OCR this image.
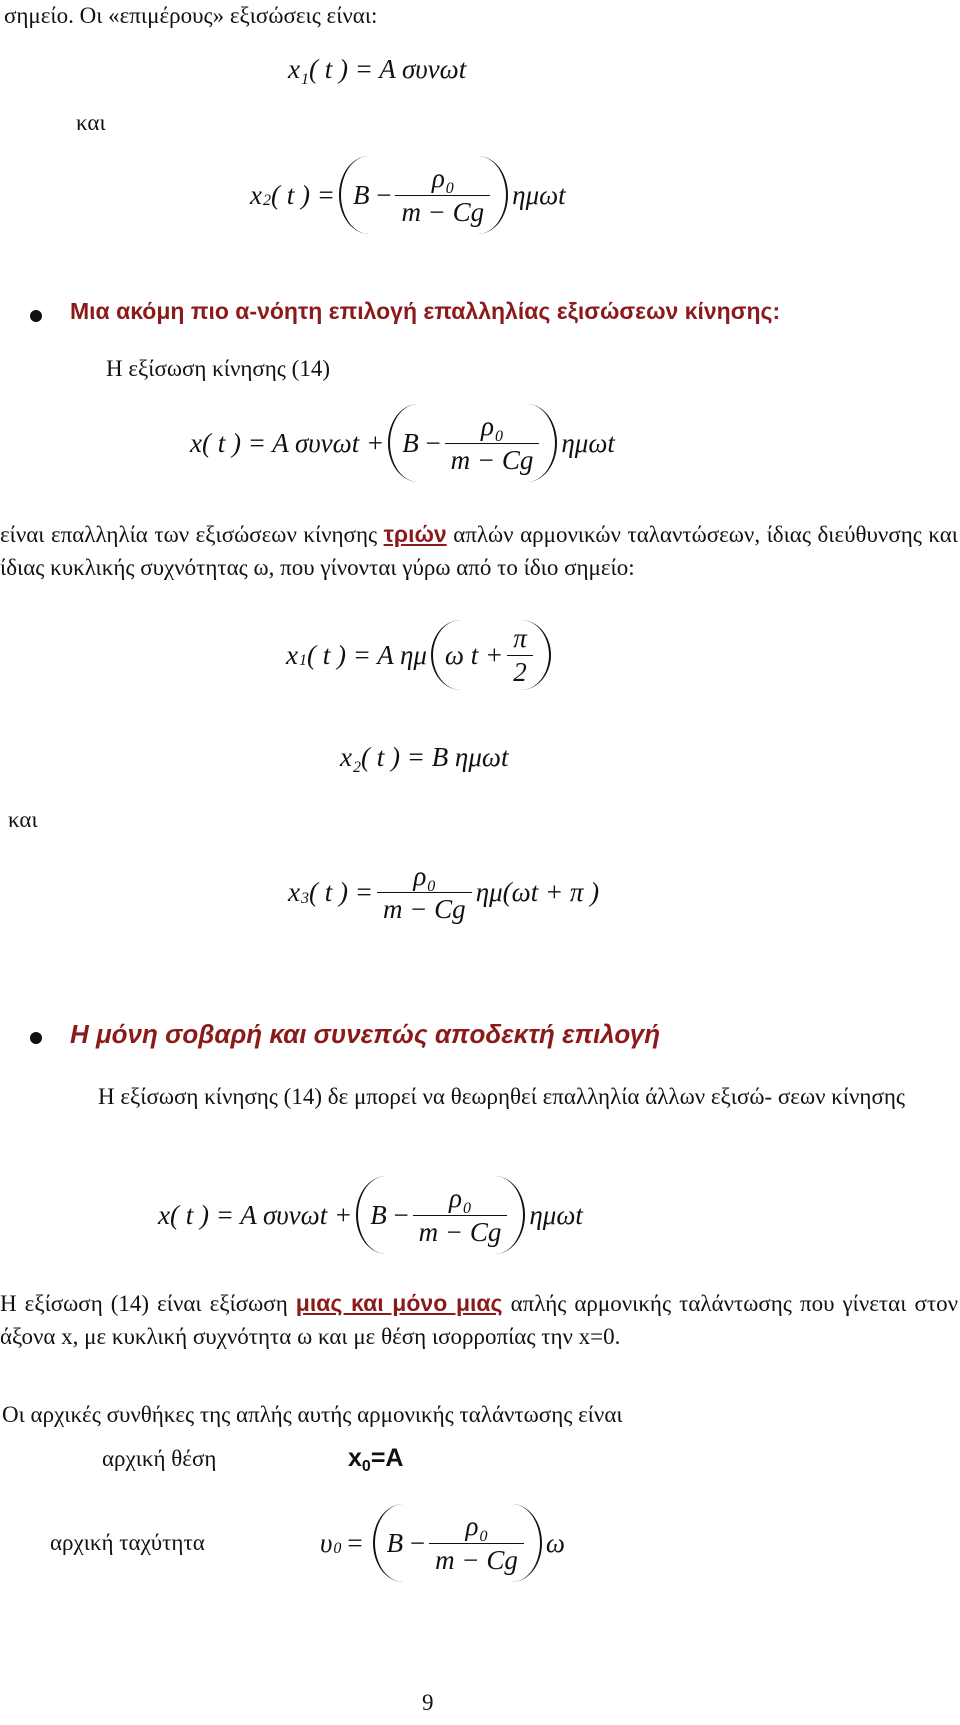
σημείο. Οι «επιμέρους» εξισώσεις είναι:
$x_1$( t ) = A συνωt
και
x 2 ( t ) = $B - \frac{\rho_0}{m - Cg}$ ημωt
Μια ακόμη πιο α-νόητη επιλογή επαλληλίας εξισώσεων κίνησης:
Η εξίσωση κίνησης (14)
x( t ) = A $\sigma\upsilon\nu\omega t + B - \frac{\rho_0}{m - Cg}$ ημωt
είναι επαλληλία των εξισώσεων κίνησης τριών απλών αρμονικών ταλαντώσεων, ίδιας διεύθυνσης και ίδιας κυκλικής συχνότητας ω, που γίνονται γύρω από το ίδιο σημείο:
x 1 ( t ) = A ημ ω $t + \frac{\pi}{2}$
$x_2$( t ) = B ημωt
και
x 3 ( t ) = $\frac{\rho_0}{m - Cg} \eta\mu(\omega t + \pi$ )
Η μόνη σοβαρή και συνεπώς αποδεκτή επιλογή
Η εξίσωση κίνησης (14) δε μπορεί να θεωρηθεί επαλληλία άλλων εξισώ- σεων κίνησης
x( t ) = A $\sigma\upsilon\nu\omega t + B - \frac{\rho_0}{m - Cg}$ ημωt
Η εξίσωση (14) είναι εξίσωση μιας και μόνο μιας απλής αρμονικής ταλάντωσης που γίνεται στον άξονα x, με κυκλική συχνότητα ω και με θέση ισορροπίας την x=0.
Οι αρχικές συνθήκες της απλής αυτής αρμονικής ταλάντωσης είναι
αρχική θέση	$x_0=A$
αρχική ταχύτητα	υ $0 = B - \frac{\rho_0}{m - Cg}$ ω
9
